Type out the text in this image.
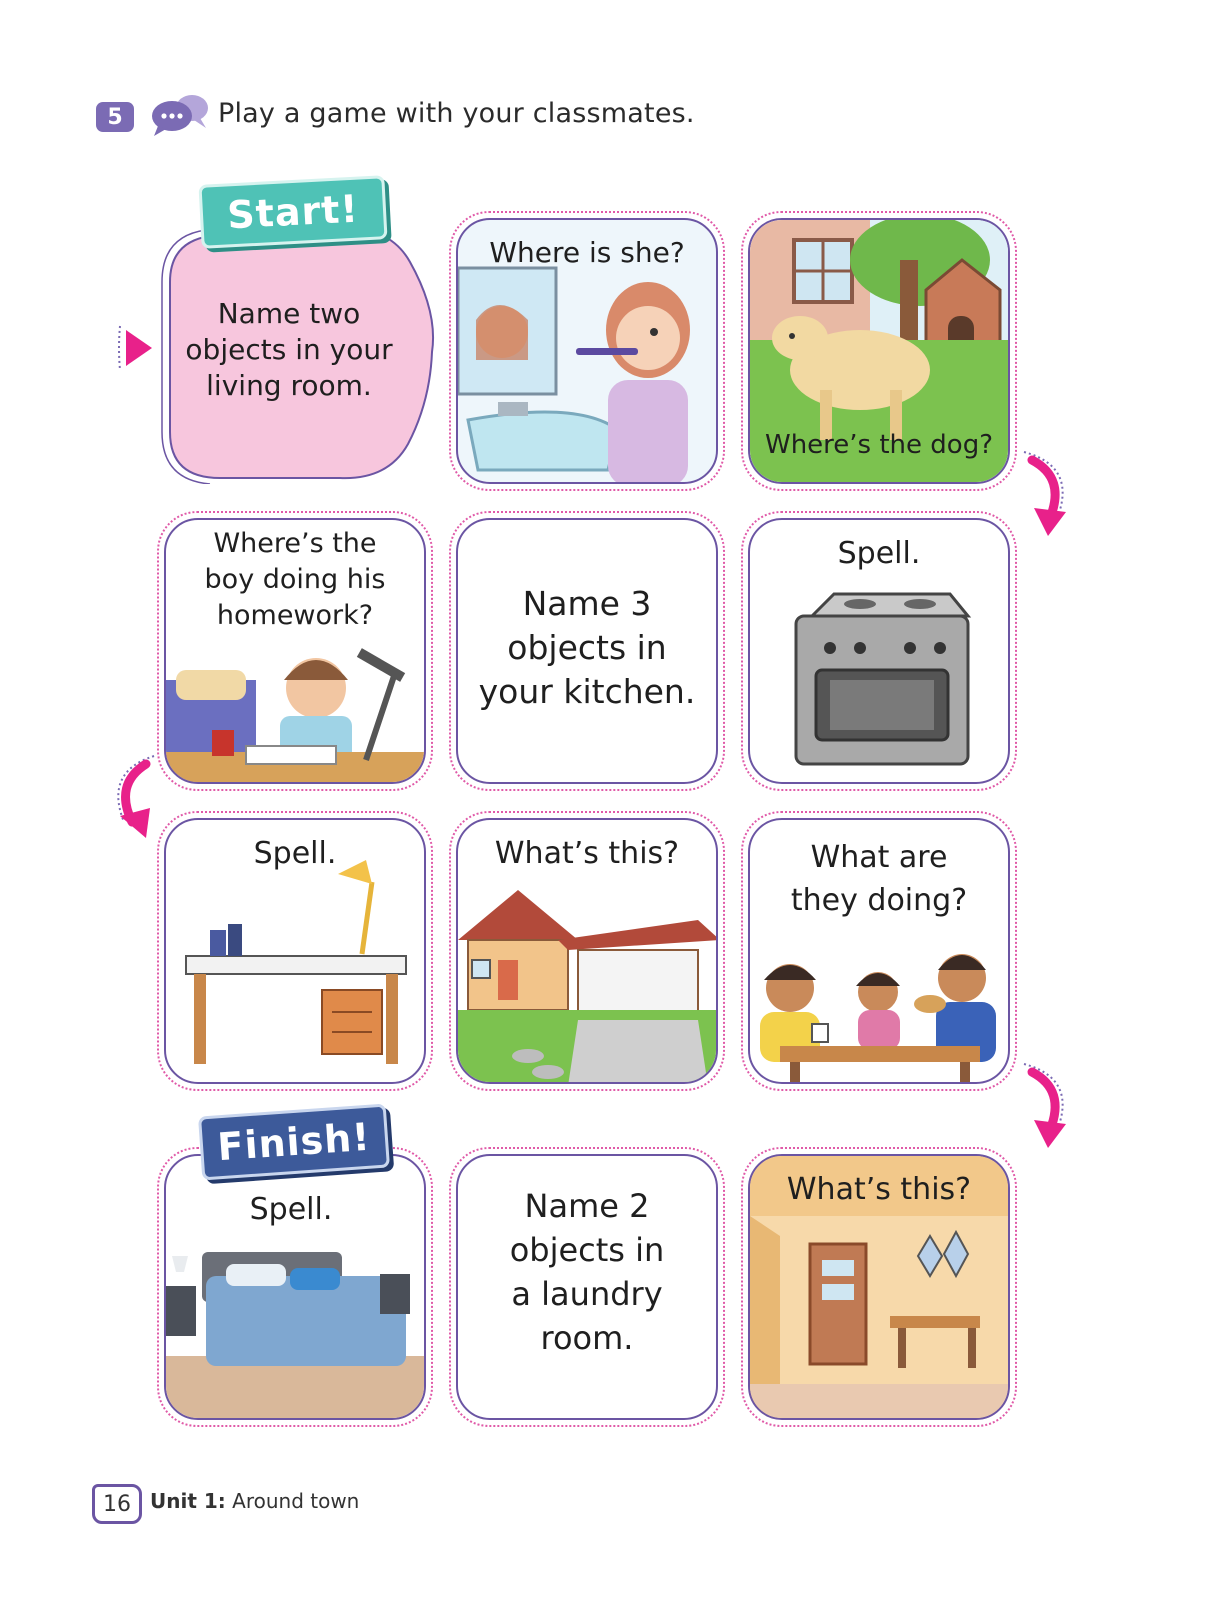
5	Play a game with your classmates.
Name two
objects in your
living room.
Start!
Where is she?
Where’s the dog?
Where’s the
boy doing his
homework?	Name 3
objects in
your kitchen.
Spell.
Spell.	What’s this?	What are
they doing?
Spell.
Finish!
Name 2
objects in
a laundry
room.
What’s this?
16 Unit 1: Around town
